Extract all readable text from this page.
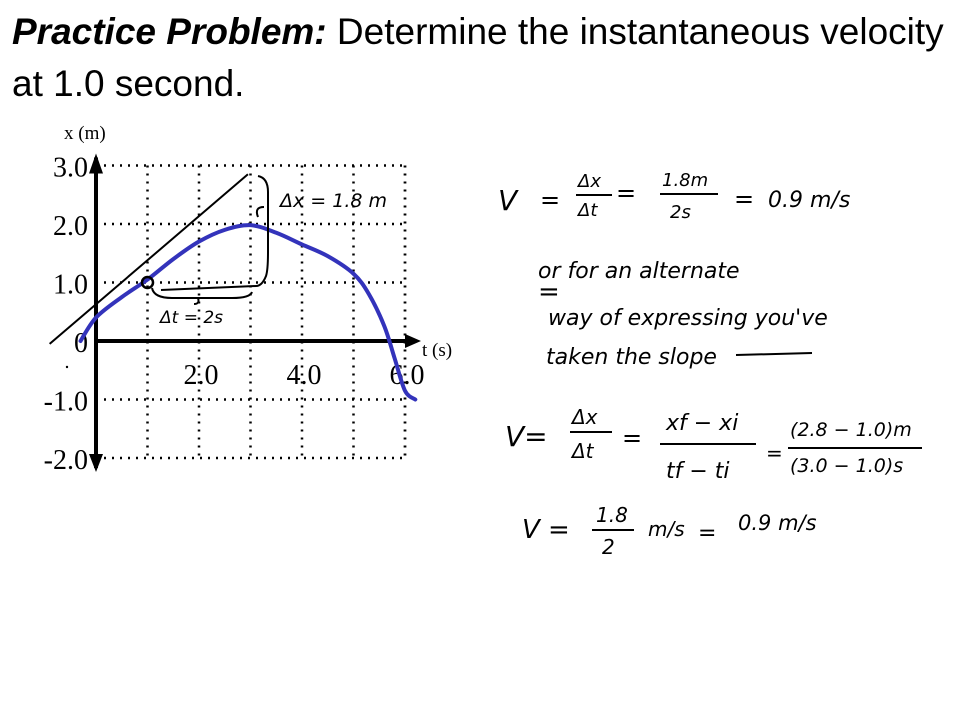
Practice Problem: Determine the instantaneous velocity at 1.0 second.
3.0
2.0
1.0
0
-1.0
-2.0
2.0 4.0 6.0
t (s)
x (m)
Δx = 1.8 m
Δt = 2s
V =
Δx
Δt
= 1.8m
2s = 0.9 m/s
or for an alternate
=
way of expressing you've
taken the slope
V=
Δx
Δt =
xf − xi
tf − ti
=
(2.8 − 1.0)m
(3.0 − 1.0)s
V = 1.8
2
m/s = 0.9 m/s
